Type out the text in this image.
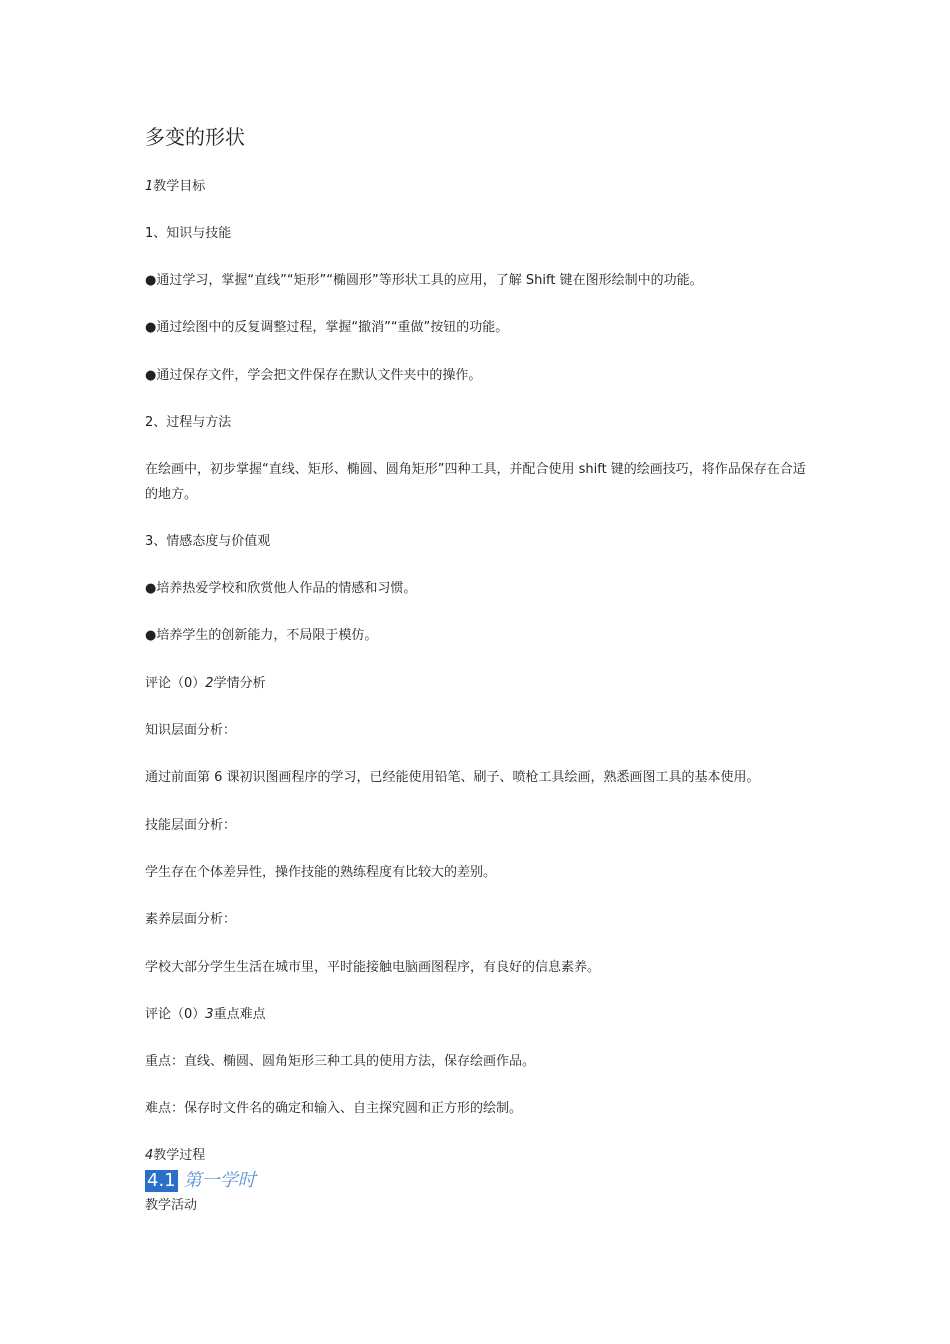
多变的形状
1教学目标
1、知识与技能
●通过学习，掌握“直线”“矩形”“椭圆形”等形状工具的应用，了解 Shift 键在图形绘制中的功能。
●通过绘图中的反复调整过程，掌握“撤消”“重做”按钮的功能。
●通过保存文件，学会把文件保存在默认文件夹中的操作。
2、过程与方法
在绘画中，初步掌握“直线、矩形、椭圆、圆角矩形”四种工具，并配合使用 shift 键的绘画技巧，将作品保存在合适的地方。
3、情感态度与价值观
●培养热爱学校和欣赏他人作品的情感和习惯。
●培养学生的创新能力，不局限于模仿。
评论（0）2学情分析
知识层面分析：
通过前面第 6 课初识图画程序的学习，已经能使用铅笔、刷子、喷枪工具绘画，熟悉画图工具的基本使用。
技能层面分析：
学生存在个体差异性，操作技能的熟练程度有比较大的差别。
素养层面分析：
学校大部分学生生活在城市里，平时能接触电脑画图程序，有良好的信息素养。
评论（0）3重点难点
重点：直线、椭圆、圆角矩形三种工具的使用方法，保存绘画作品。
难点：保存时文件名的确定和输入、自主探究圆和正方形的绘制。
4教学过程
4.1 第一学时
教学活动
